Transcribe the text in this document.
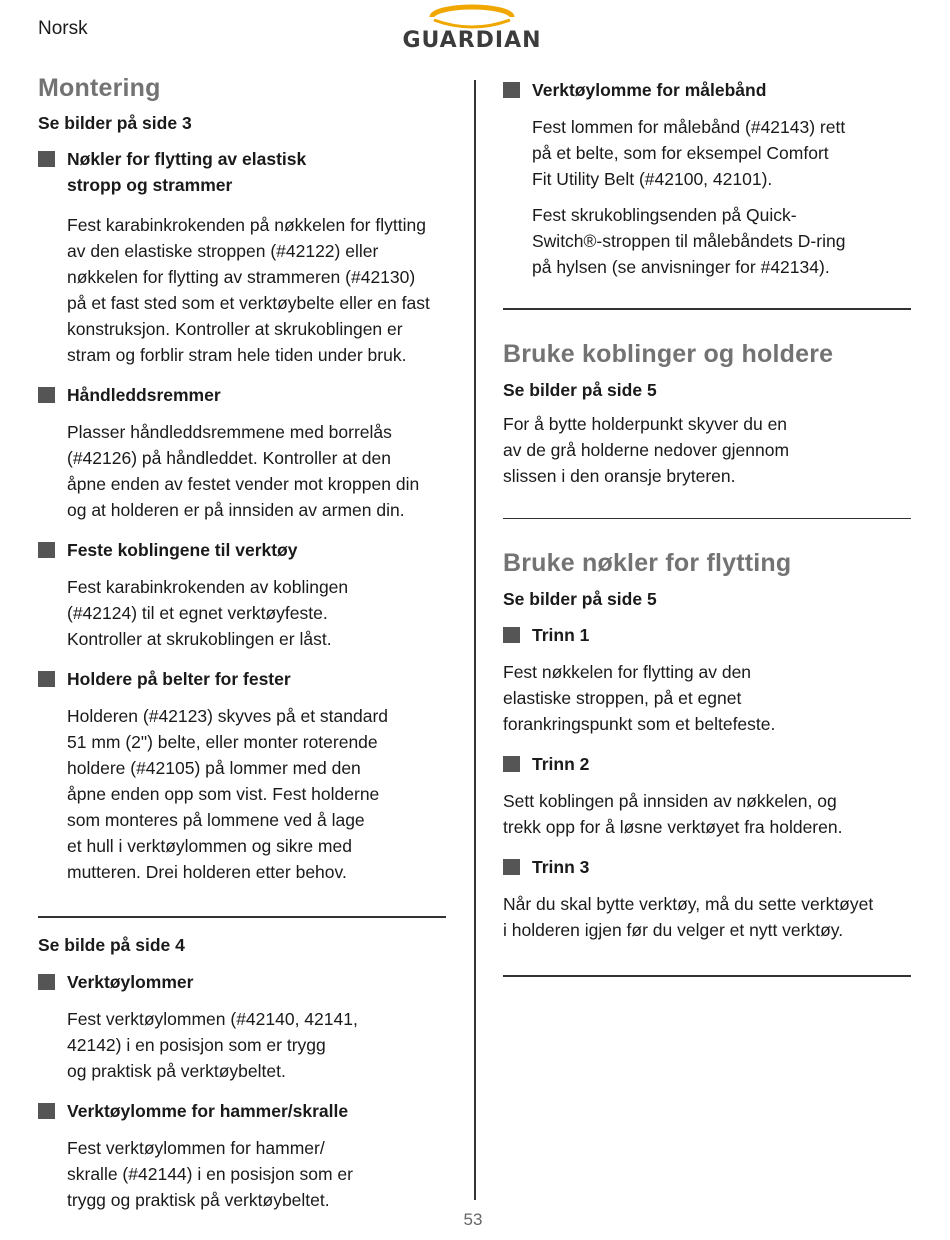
Norsk	GUARDIAN
Montering

Se bilder på side 3

Nøkler for flytting av elastisk
stropp og strammer
Fest karabinkrokenden på nøkkelen for flytting
av den elastiske stroppen (#42122) eller
nøkkelen for flytting av strammeren (#42130)
på et fast sted som et verktøybelte eller en fast
konstruksjon. Kontroller at skrukoblingen er
stram og forblir stram hele tiden under bruk.
Håndleddsremmer
Plasser håndleddsremmene med borrelås
(#42126) på håndleddet. Kontroller at den
åpne enden av festet vender mot kroppen din
og at holderen er på innsiden av armen din.
Feste koblingene til verktøy
Fest karabinkrokenden av koblingen
(#42124) til et egnet verktøyfeste.
Kontroller at skrukoblingen er låst.
Holdere på belter for fester
Holderen (#42123) skyves på et standard
51 mm (2") belte, eller monter roterende
holdere (#42105) på lommer med den
åpne enden opp som vist. Fest holderne
som monteres på lommene ved å lage
et hull i verktøylommen og sikre med
mutteren. Drei holderen etter behov.

Se bilde på side 4

Verktøylommer
Fest verktøylommen (#42140, 42141,
42142) i en posisjon som er trygg
og praktisk på verktøybeltet.
Verktøylomme for hammer/skralle
Fest verktøylommen for hammer/
skralle (#42144) i en posisjon som er
trygg og praktisk på verktøybeltet.
Verktøylomme for målebånd
Fest lommen for målebånd (#42143) rett
på et belte, som for eksempel Comfort
Fit Utility Belt (#42100, 42101).
Fest skrukoblingsenden på Quick-
Switch®-stroppen til målebåndets D-ring
på hylsen (se anvisninger for #42134).
Bruke koblinger og holdere

Se bilder på side 5

For å bytte holderpunkt skyver du en
av de grå holderne nedover gjennom
slissen i den oransje bryteren.
Bruke nøkler for flytting

Se bilder på side 5

Trinn 1
Fest nøkkelen for flytting av den
elastiske stroppen, på et egnet
forankringspunkt som et beltefeste.
Trinn 2
Sett koblingen på innsiden av nøkkelen, og
trekk opp for å løsne verktøyet fra holderen.
Trinn 3
Når du skal bytte verktøy, må du sette verktøyet
i holderen igjen før du velger et nytt verktøy.
53
